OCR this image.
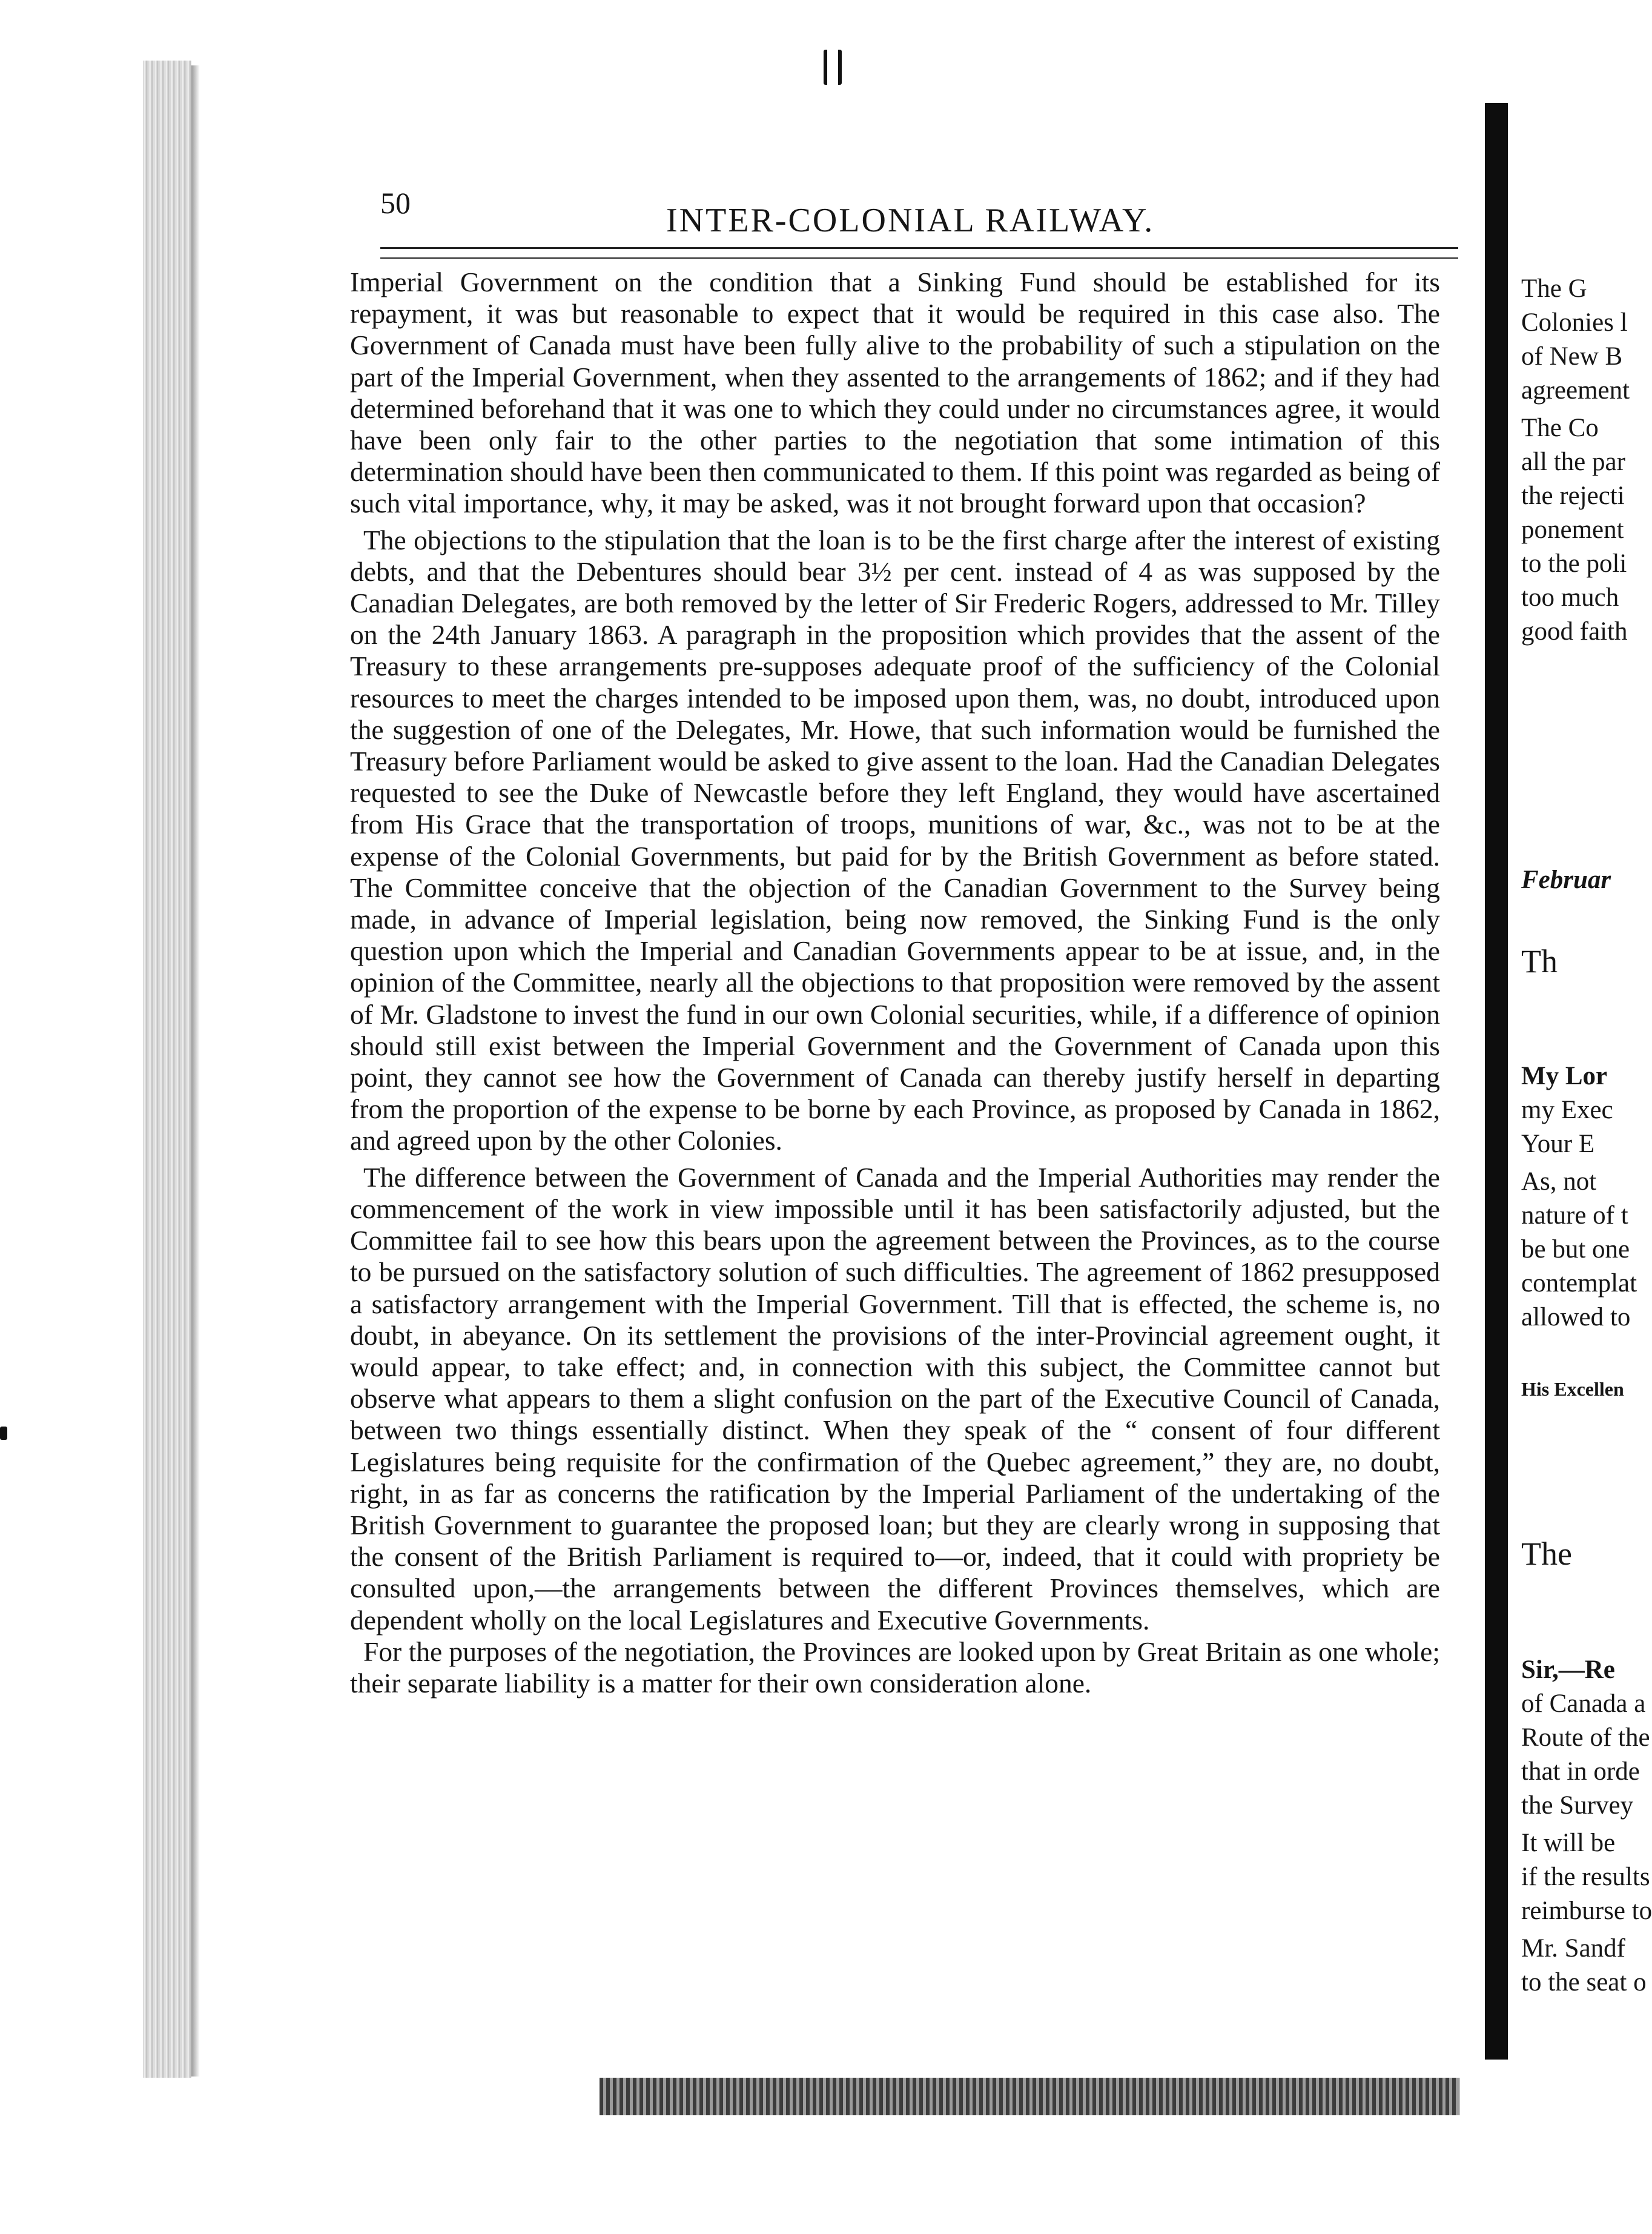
50	INTER-COLONIAL RAILWAY.

Imperial Government on the condition that a Sinking Fund should be established for its repayment, it was but reasonable to expect that it would be required in this case also. The Government of Canada must have been fully alive to the probability of such a stipulation on the part of the Imperial Government, when they assented to the arrangements of 1862; and if they had determined beforehand that it was one to which they could under no circumstances agree, it would have been only fair to the other parties to the negotiation that some intimation of this determination should have been then communicated to them. If this point was regarded as being of such vital importance, why, it may be asked, was it not brought forward upon that occasion?

The objections to the stipulation that the loan is to be the first charge after the interest of existing debts, and that the Debentures should bear 3½ per cent. instead of 4 as was supposed by the Canadian Delegates, are both removed by the letter of Sir Frederic Rogers, addressed to Mr. Tilley on the 24th January 1863. A paragraph in the proposition which provides that the assent of the Treasury to these arrangements pre-supposes adequate proof of the sufficiency of the Colonial resources to meet the charges intended to be imposed upon them, was, no doubt, introduced upon the suggestion of one of the Delegates, Mr. Howe, that such information would be furnished the Treasury before Parliament would be asked to give assent to the loan. Had the Canadian Delegates requested to see the Duke of Newcastle before they left England, they would have ascertained from His Grace that the transportation of troops, munitions of war, &c., was not to be at the expense of the Colonial Governments, but paid for by the British Government as before stated. The Committee conceive that the objection of the Canadian Government to the Survey being made, in advance of Imperial legislation, being now removed, the Sinking Fund is the only question upon which the Imperial and Canadian Governments appear to be at issue, and, in the opinion of the Committee, nearly all the objections to that proposition were removed by the assent of Mr. Gladstone to invest the fund in our own Colonial securities, while, if a difference of opinion should still exist between the Imperial Government and the Government of Canada upon this point, they cannot see how the Government of Canada can thereby justify herself in departing from the proportion of the expense to be borne by each Province, as proposed by Canada in 1862, and agreed upon by the other Colonies.

The difference between the Government of Canada and the Imperial Authorities may render the commencement of the work in view impossible until it has been satisfactorily adjusted, but the Committee fail to see how this bears upon the agreement between the Provinces, as to the course to be pursued on the satisfactory solution of such difficulties. The agreement of 1862 presupposed a satisfactory arrangement with the Imperial Government. Till that is effected, the scheme is, no doubt, in abeyance. On its settlement the provisions of the inter-Provincial agreement ought, it would appear, to take effect; and, in connection with this subject, the Committee cannot but observe what appears to them a slight confusion on the part of the Executive Council of Canada, between two things essentially distinct. When they speak of the “ consent of four different Legislatures being requisite for the confirmation of the Quebec agreement,” they are, no doubt, right, in as far as concerns the ratification by the Imperial Parliament of the undertaking of the British Government to guarantee the proposed loan; but they are clearly wrong in supposing that the consent of the British Parliament is required to—or, indeed, that it could with propriety be consulted upon,—the arrangements between the different Provinces themselves, which are dependent wholly on the local Legislatures and Executive Governments.

For the purposes of the negotiation, the Provinces are looked upon by Great Britain as one whole; their separate liability is a matter for their own consideration alone.

The G
Colonies l
of New B
agreement
The Co
all the par
the rejecti
ponement
to the poli
too much
good faith
Februar
Th
My Lor
my Exec
Your E
As, not
nature of t
be but one
contemplat
allowed to
His Excellen
The
Sir,—Re
of Canada a
Route of the
that in orde
the Survey
It will be
if the results
reimburse to
Mr. Sandf
to the seat o
